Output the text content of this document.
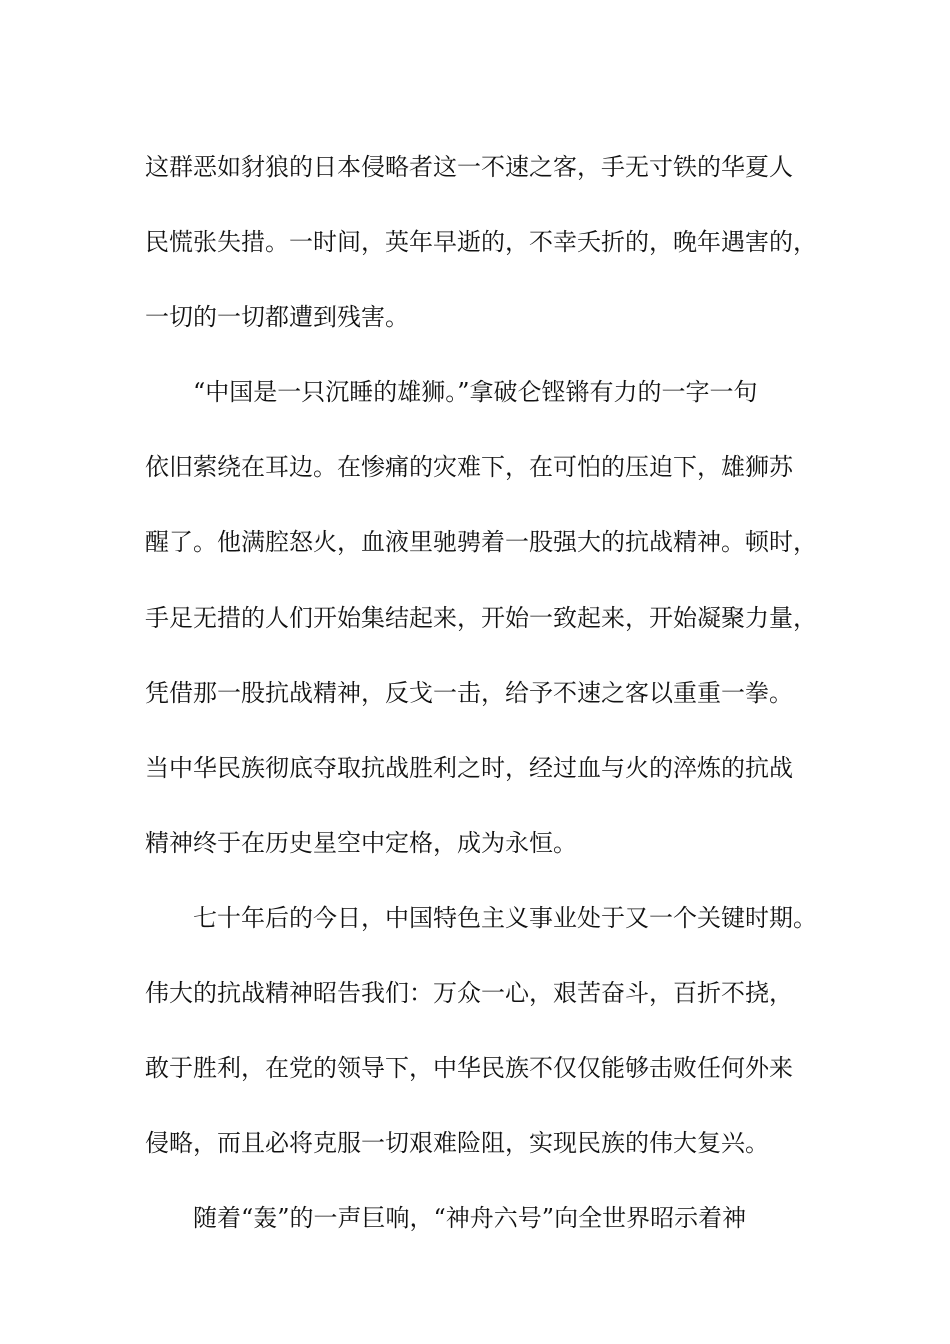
这群恶如豺狼的日本侵略者这一不速之客，手无寸铁的华夏人
民慌张失措。一时间，英年早逝的，不幸夭折的，晚年遇害的，
一切的一切都遭到残害。
“中国是一只沉睡的雄狮。”拿破仑铿锵有力的一字一句
依旧萦绕在耳边。在惨痛的灾难下，在可怕的压迫下，雄狮苏
醒了。他满腔怒火，血液里驰骋着一股强大的抗战精神。顿时，
手足无措的人们开始集结起来，开始一致起来，开始凝聚力量，
凭借那一股抗战精神，反戈一击，给予不速之客以重重一拳。
当中华民族彻底夺取抗战胜利之时，经过血与火的淬炼的抗战
精神终于在历史星空中定格，成为永恒。
七十年后的今日，中国特色主义事业处于又一个关键时期。
伟大的抗战精神昭告我们：万众一心，艰苦奋斗，百折不挠，
敢于胜利，在党的领导下，中华民族不仅仅能够击败任何外来
侵略，而且必将克服一切艰难险阻，实现民族的伟大复兴。
随着“轰”的一声巨响，“神舟六号”向全世界昭示着神
